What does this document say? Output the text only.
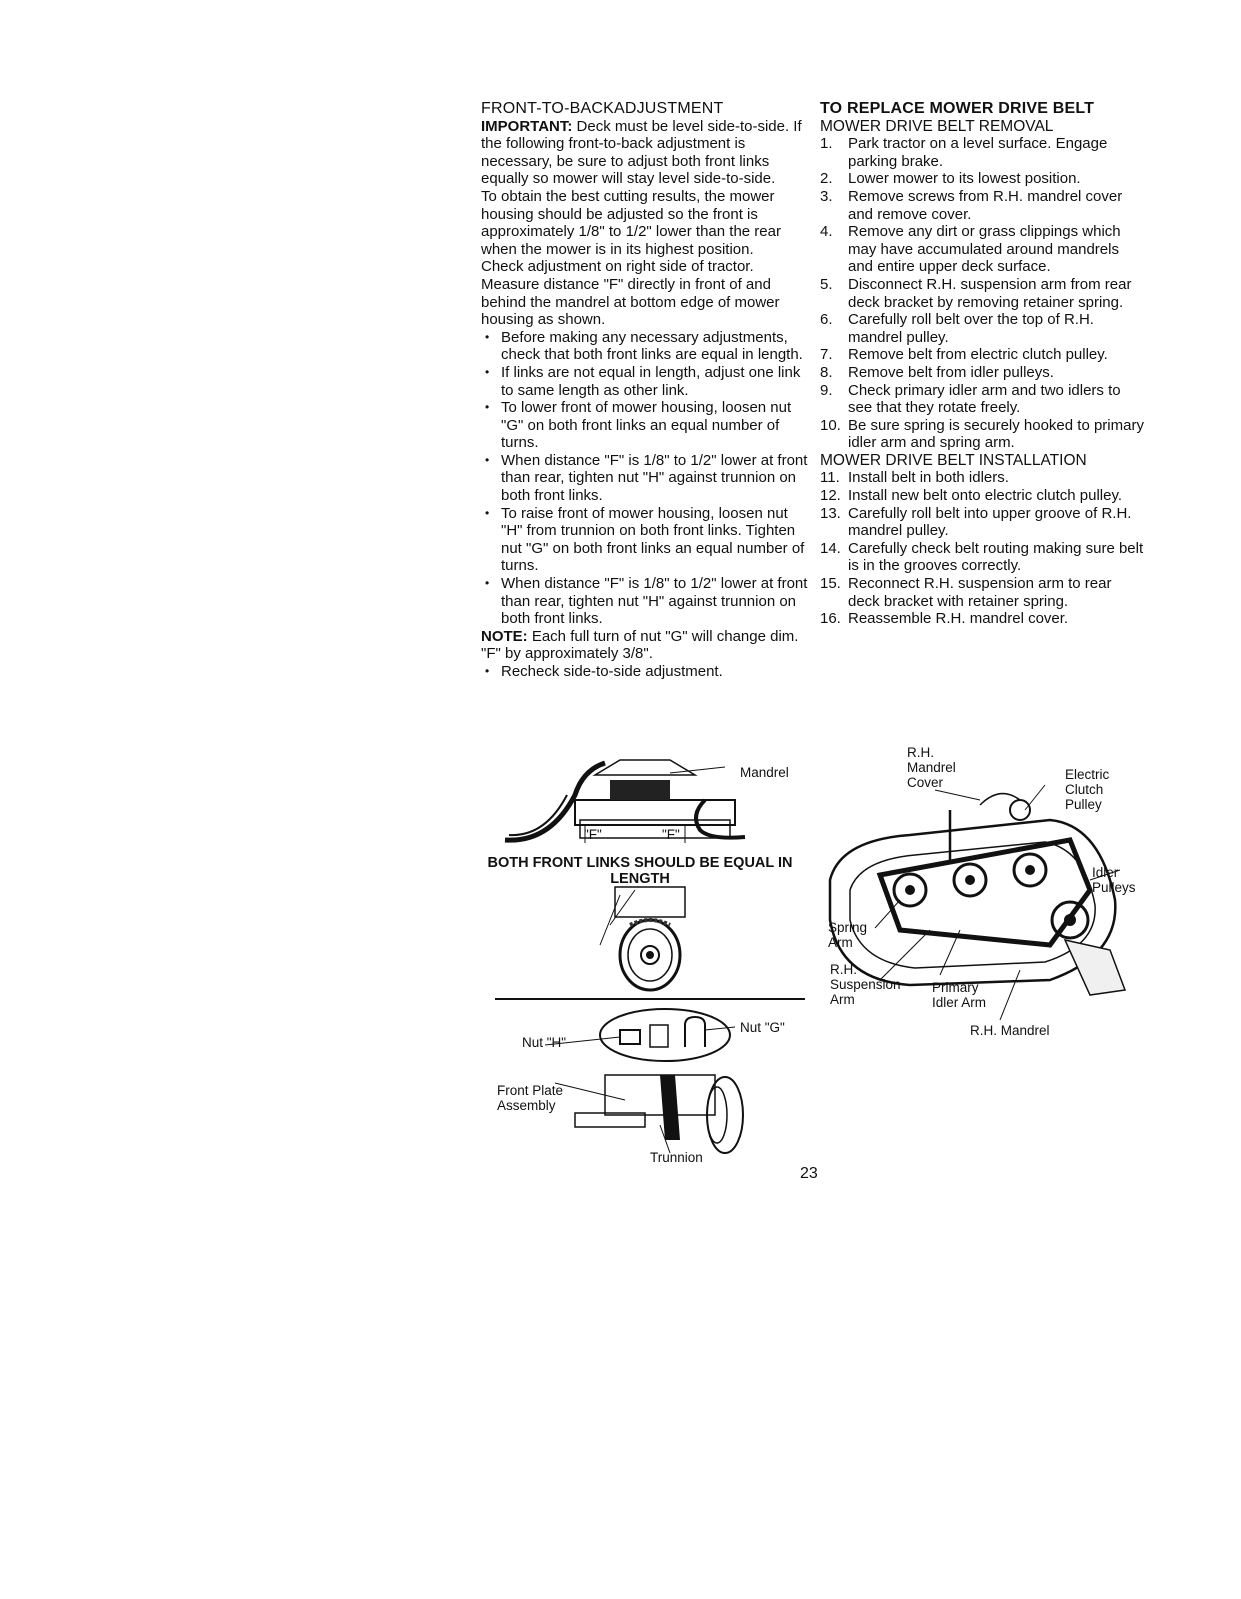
FRONT-TO-BACKADJUSTMENT

IMPORTANT: Deck must be level side-to-side. If the following front-to-back adjustment is necessary, be sure to adjust both front links equally so mower will stay level side-to-side.

To obtain the best cutting results, the mower housing should be adjusted so the front is approximately 1/8" to 1/2" lower than the rear when the mower is in its highest position.

Check adjustment on right side of tractor. Measure distance "F" directly in front of and behind the mandrel at bottom edge of mower housing as shown.

• Before making any necessary adjustments, check that both front links are equal in length.
• If links are not equal in length, adjust one link to same length as other link.
• To lower front of mower housing, loosen nut "G" on both front links an equal number of turns.
• When distance "F" is 1/8" to 1/2" lower at front than rear, tighten nut "H" against trunnion on both front links.
• To raise front of mower housing, loosen nut "H" from trunnion on both front links. Tighten nut "G" on both front links an equal number of turns.
• When distance "F" is 1/8" to 1/2" lower at front than rear, tighten nut "H" against trunnion on both front links.

NOTE: Each full turn of nut "G" will change dim. "F" by approximately 3/8".

• Recheck side-to-side adjustment.

TO REPLACE MOWER DRIVE BELT

MOWER DRIVE BELT REMOVAL

1.	Park tractor on a level surface. Engage parking brake.
2.	Lower mower to its lowest position.
3.	Remove screws from R.H. mandrel cover and remove cover.
4.	Remove any dirt or grass clippings which may have accumulated around mandrels and entire upper deck surface.
5.	Disconnect R.H. suspension arm from rear deck bracket by removing retainer spring.
6.	Carefully roll belt over the top of R.H. mandrel pulley.
7.	Remove belt from electric clutch pulley.
8.	Remove belt from idler pulleys.
9.	Check primary idler arm and two idlers to see that they rotate freely.
10. Be sure spring is securely hooked to primary idler arm and spring arm.

MOWER DRIVE BELT INSTALLATION

11. Install belt in both idlers.
12. Install new belt onto electric clutch pulley.
13. Carefully roll belt into upper groove of R.H. mandrel pulley.
14. Carefully check belt routing making sure belt is in the grooves correctly.
15. Reconnect R.H. suspension arm to rear deck bracket with retainer spring.
16. Reassemble R.H. mandrel cover.
Mandrel
"F"	"F"
BOTH FRONT LINKS SHOULD BE EQUAL IN LENGTH
Nut "H"
Nut "G"
Front Plate Assembly
Trunnion
R.H. Mandrel Cover
Electric Clutch Pulley
Idler Pulleys
Spring Arm
R.H. Suspension Arm
Primary Idler Arm
R.H. Mandrel
23
